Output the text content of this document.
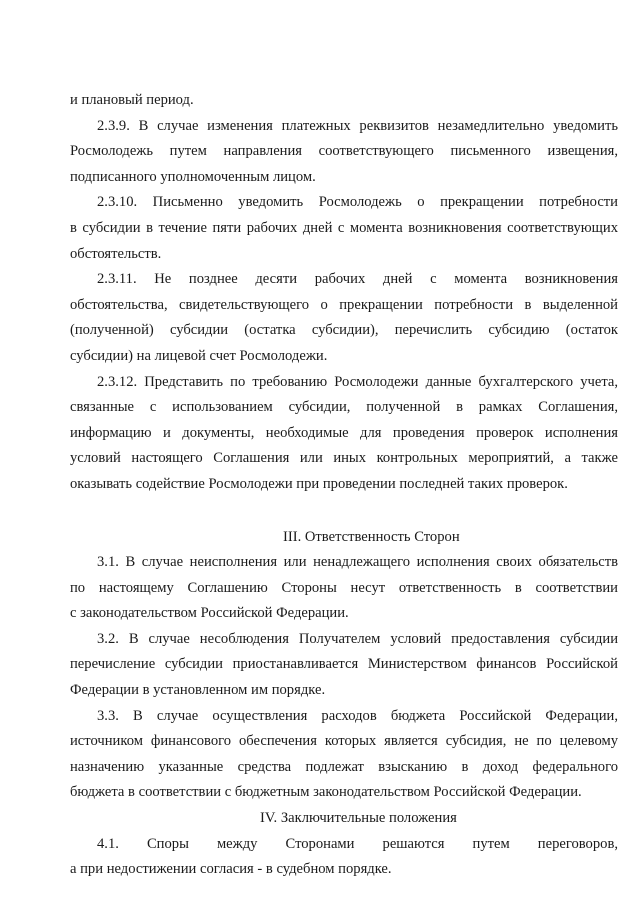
и плановый период.
2.3.9. В случае изменения платежных реквизитов незамедлительно уведомить
Росмолодежь путем направления соответствующего письменного извещения,
подписанного уполномоченным лицом.
2.3.10. Письменно уведомить Росмолодежь о прекращении потребности
в субсидии в течение пяти рабочих дней с момента возникновения соответствующих
обстоятельств.
2.3.11. Не позднее десяти рабочих дней с момента возникновения
обстоятельства, свидетельствующего о прекращении потребности в выделенной
(полученной) субсидии (остатка субсидии), перечислить субсидию (остаток
субсидии) на лицевой счет Росмолодежи.
2.3.12. Представить по требованию Росмолодежи данные бухгалтерского учета,
связанные с использованием субсидии, полученной в рамках Соглашения,
информацию и документы, необходимые для проведения проверок исполнения
условий настоящего Соглашения или иных контрольных мероприятий, а также
оказывать содействие Росмолодежи при проведении последней таких проверок.
III. Ответственность Сторон
3.1. В случае неисполнения или ненадлежащего исполнения своих обязательств
по настоящему Соглашению Стороны несут ответственность в соответствии
с законодательством Российской Федерации.
3.2. В случае несоблюдения Получателем условий предоставления субсидии
перечисление субсидии приостанавливается Министерством финансов Российской
Федерации в установленном им порядке.
3.3. В случае осуществления расходов бюджета Российской Федерации,
источником финансового обеспечения которых является субсидия, не по целевому
назначению указанные средства подлежат взысканию в доход федерального
бюджета в соответствии с бюджетным законодательством Российской Федерации.
IV. Заключительные положения
4.1. Споры между Сторонами решаются путем переговоров,
а при недостижении согласия - в судебном порядке.
